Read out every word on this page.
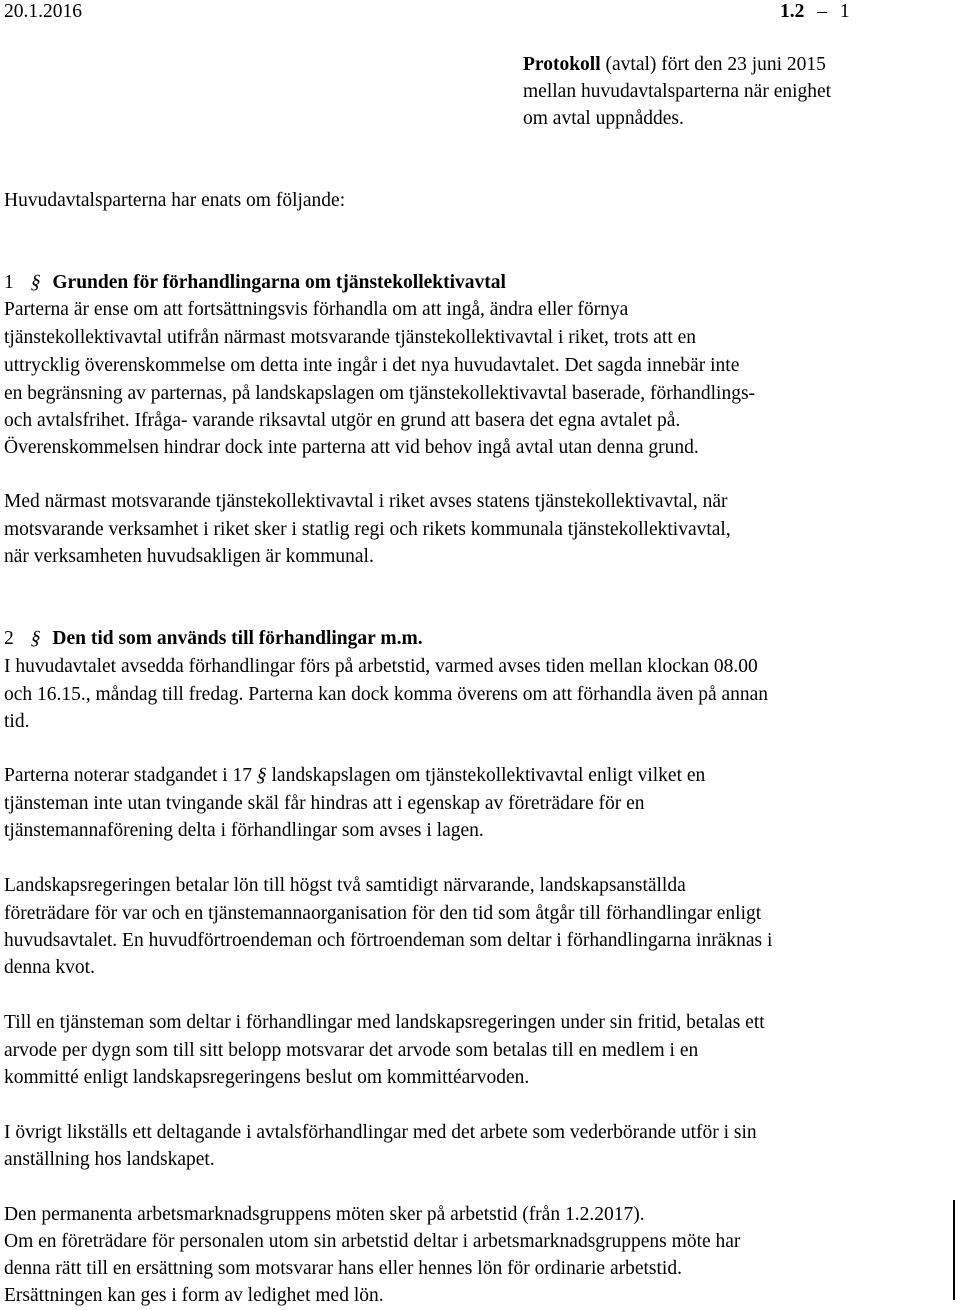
20.1.2016	1.2 – 1
Protokoll (avtal) fört den 23 juni 2015
mellan huvudavtalsparterna när enighet
om avtal uppnåddes.
Huvudavtalsparterna har enats om följande:
1 § Grunden för förhandlingarna om tjänstekollektivavtal
Parterna är ense om att fortsättningsvis förhandla om att ingå, ändra eller förnya
tjänstekollektivavtal utifrån närmast motsvarande tjänstekollektivavtal i riket, trots att en
uttrycklig överenskommelse om detta inte ingår i det nya huvudavtalet. Det sagda innebär inte
en begränsning av parternas, på landskapslagen om tjänstekollektivavtal baserade, förhandlings-
och avtalsfrihet. Ifråga- varande riksavtal utgör en grund att basera det egna avtalet på.
Överenskommelsen hindrar dock inte parterna att vid behov ingå avtal utan denna grund.
Med närmast motsvarande tjänstekollektivavtal i riket avses statens tjänstekollektivavtal, när
motsvarande verksamhet i riket sker i statlig regi och rikets kommunala tjänstekollektivavtal,
när verksamheten huvudsakligen är kommunal.
2 § Den tid som används till förhandlingar m.m.
I huvudavtalet avsedda förhandlingar förs på arbetstid, varmed avses tiden mellan klockan 08.00
och 16.15., måndag till fredag. Parterna kan dock komma överens om att förhandla även på annan
tid.
Parterna noterar stadgandet i 17 § landskapslagen om tjänstekollektivavtal enligt vilket en
tjänsteman inte utan tvingande skäl får hindras att i egenskap av företrädare för en
tjänstemannaförening delta i förhandlingar som avses i lagen.
Landskapsregeringen betalar lön till högst två samtidigt närvarande, landskapsanställda
företrädare för var och en tjänstemannaorganisation för den tid som åtgår till förhandlingar enligt
huvudsavtalet. En huvudförtroendeman och förtroendeman som deltar i förhandlingarna inräknas i
denna kvot.
Till en tjänsteman som deltar i förhandlingar med landskapsregeringen under sin fritid, betalas ett
arvode per dygn som till sitt belopp motsvarar det arvode som betalas till en medlem i en
kommitté enligt landskapsregeringens beslut om kommittéarvoden.
I övrigt likställs ett deltagande i avtalsförhandlingar med det arbete som vederbörande utför i sin
anställning hos landskapet.
Den permanenta arbetsmarknadsgruppens möten sker på arbetstid (från 1.2.2017).
Om en företrädare för personalen utom sin arbetstid deltar i arbetsmarknadsgruppens möte har
denna rätt till en ersättning som motsvarar hans eller hennes lön för ordinarie arbetstid.
Ersättningen kan ges i form av ledighet med lön.
